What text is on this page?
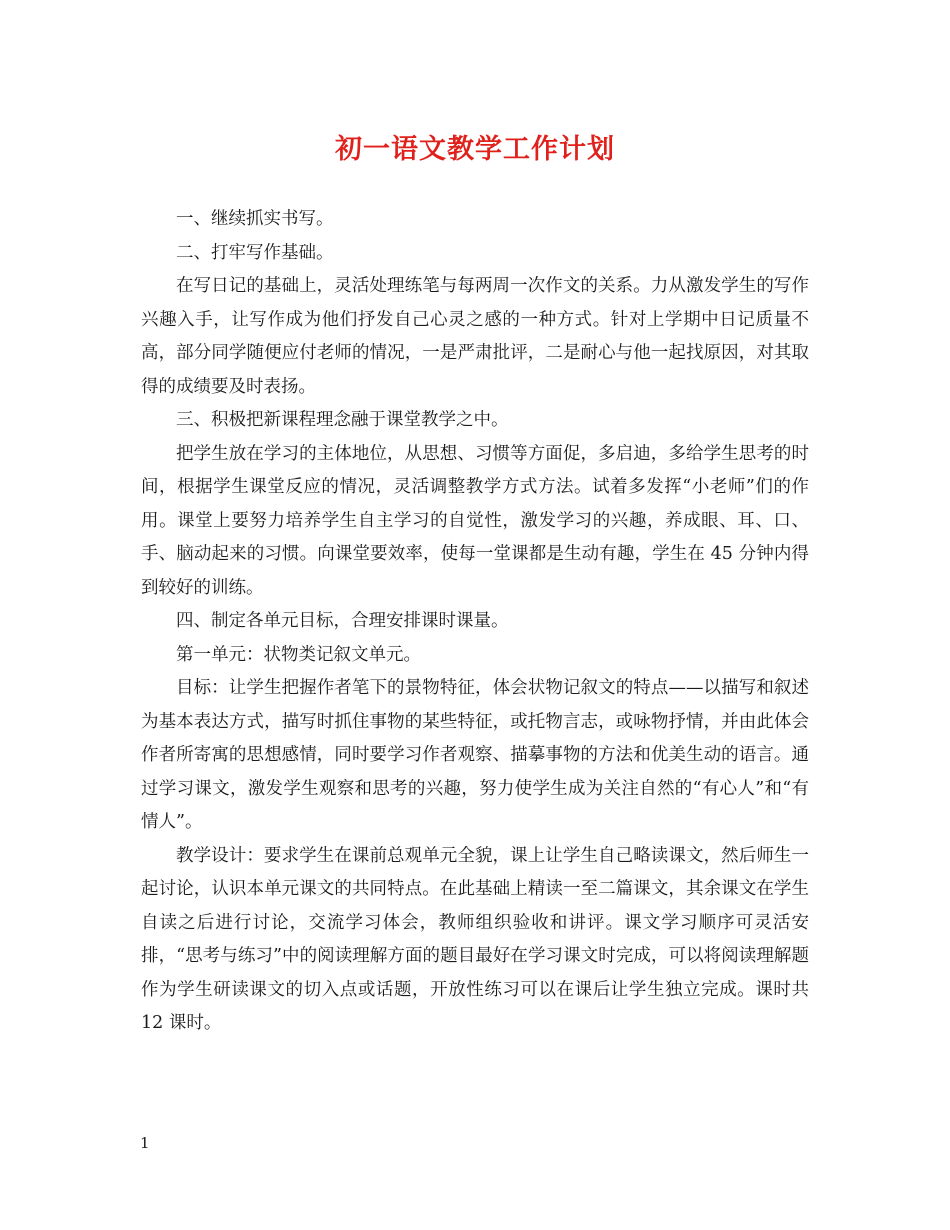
初一语文教学工作计划

一、继续抓实书写。

二、打牢写作基础。

在写日记的基础上，灵活处理练笔与每两周一次作文的关系。力从激发学生的写作兴趣入手，让写作成为他们抒发自己心灵之感的一种方式。针对上学期中日记质量不高，部分同学随便应付老师的情况，一是严肃批评，二是耐心与他一起找原因，对其取得的成绩要及时表扬。

三、积极把新课程理念融于课堂教学之中。

把学生放在学习的主体地位，从思想、习惯等方面促，多启迪，多给学生思考的时间，根据学生课堂反应的情况，灵活调整教学方式方法。试着多发挥“小老师”们的作用。课堂上要努力培养学生自主学习的自觉性，激发学习的兴趣，养成眼、耳、口、手、脑动起来的习惯。向课堂要效率，使每一堂课都是生动有趣，学生在 45 分钟内得到较好的训练。

四、制定各单元目标，合理安排课时课量。

第一单元：状物类记叙文单元。

目标：让学生把握作者笔下的景物特征，体会状物记叙文的特点——以描写和叙述为基本表达方式，描写时抓住事物的某些特征，或托物言志，或咏物抒情，并由此体会作者所寄寓的思想感情，同时要学习作者观察、描摹事物的方法和优美生动的语言。通过学习课文，激发学生观察和思考的兴趣，努力使学生成为关注自然的“有心人”和“有情人”。

教学设计：要求学生在课前总观单元全貌，课上让学生自己略读课文，然后师生一起讨论，认识本单元课文的共同特点。在此基础上精读一至二篇课文，其余课文在学生自读之后进行讨论，交流学习体会，教师组织验收和讲评。课文学习顺序可灵活安排，“思考与练习”中的阅读理解方面的题目最好在学习课文时完成，可以将阅读理解题作为学生研读课文的切入点或话题，开放性练习可以在课后让学生独立完成。课时共 12 课时。

1
